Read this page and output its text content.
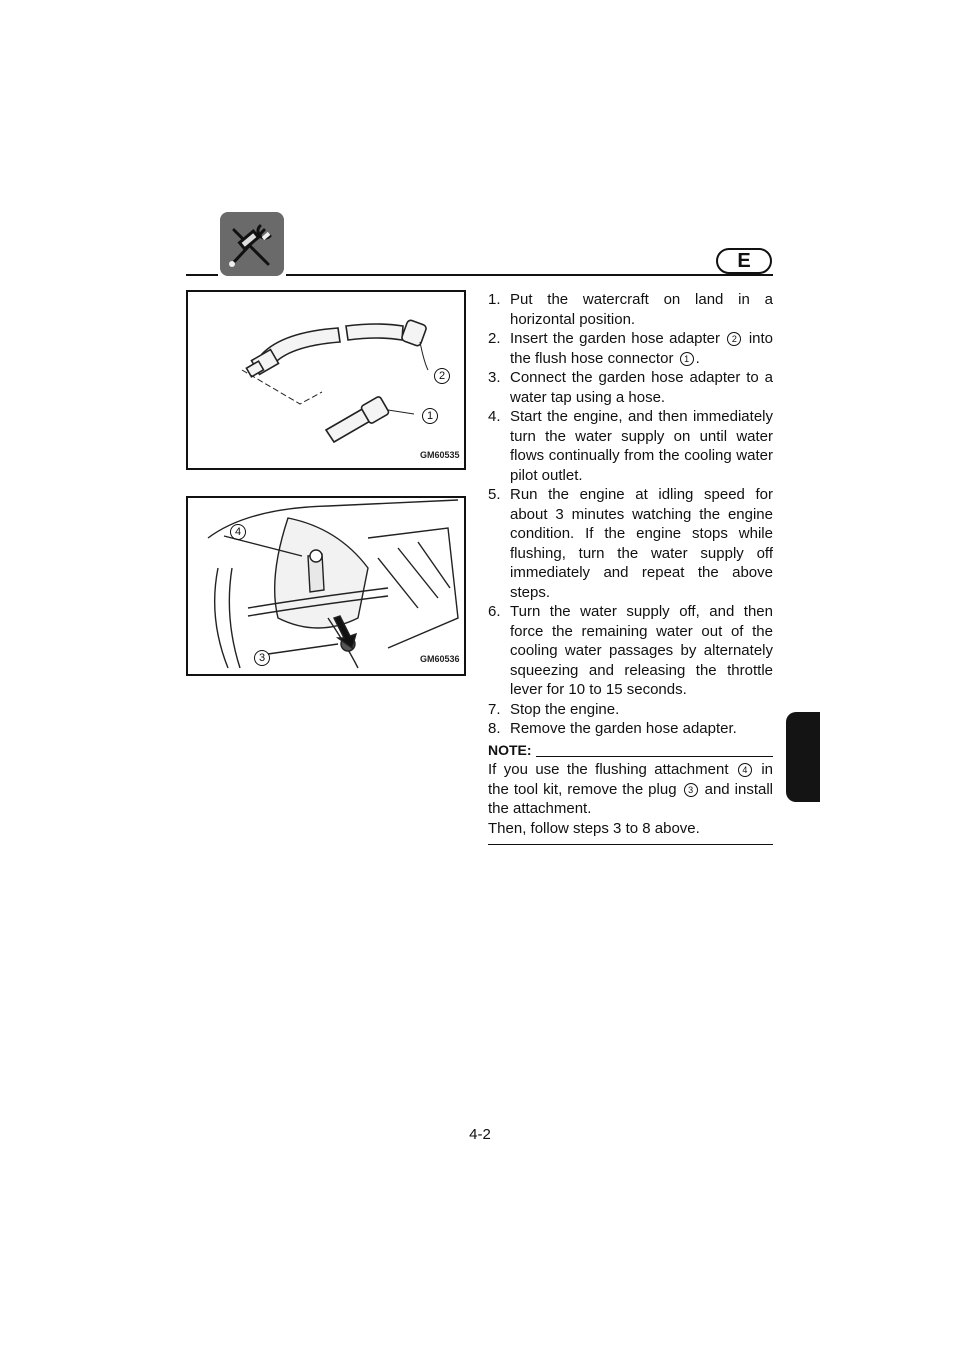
E
2
1
GM60535
4
3	GM60536
1. Put the watercraft on land in a horizontal position.
2. Insert the garden hose adapter 2 into the flush hose connector 1 .
3. Connect the garden hose adapter to a water tap using a hose.
4. Start the engine, and then immediately turn the water supply on until water flows continually from the cooling water pilot outlet.
5. Run the engine at idling speed for about 3 minutes watching the engine condition. If the engine stops while flushing, turn the water supply off immediately and repeat the above steps.
6. Turn the water supply off, and then force the remaining water out of the cooling water passages by alternately squeezing and releasing the throttle lever for 10 to 15 seconds.
7. Stop the engine.
8. Remove the garden hose adapter.
NOTE:
If you use the flushing attachment 4 in the tool kit, remove the plug 3 and install the attachment.
Then, follow steps 3 to 8 above.
4-2
